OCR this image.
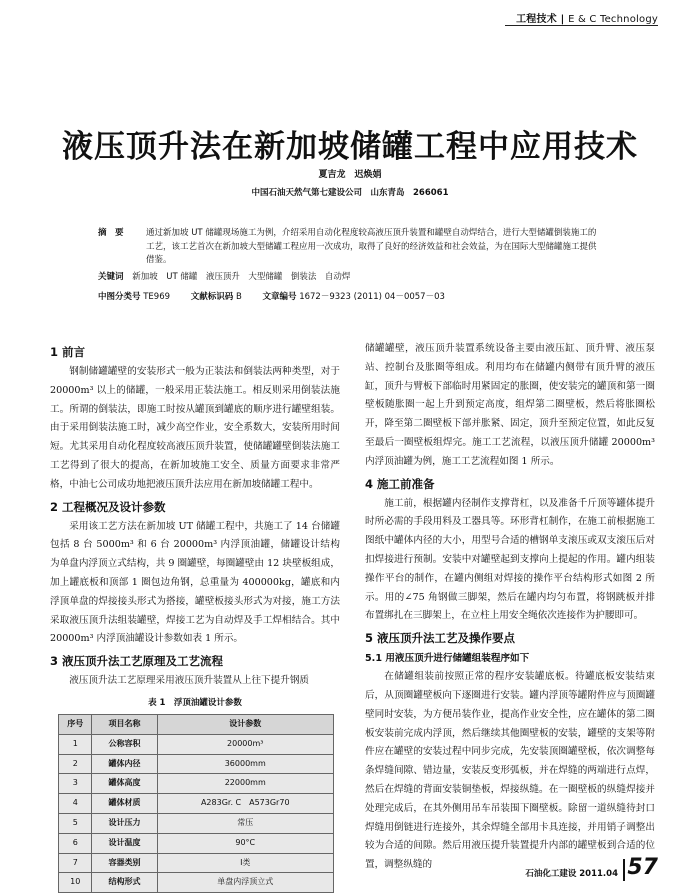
工程技术 | E & C Technology
液压顶升法在新加坡储罐工程中应用技术
夏吉龙　迟焕娟
中国石油天然气第七建设公司　山东青岛　266061
摘　要	通过新加坡 UT 储罐现场施工为例，介绍采用自动化程度较高液压顶升装置和罐壁自动焊结合，进行大型储罐倒装施工的工艺，该工艺首次在新加坡大型储罐工程应用一次成功，取得了良好的经济效益和社会效益，为在国际大型储罐施工提供借鉴。
关键词 新加坡　UT 储罐　液压顶升　大型储罐　倒装法　自动焊
中图分类号 TE969 文献标识码 B 文章编号 1672－9323 (2011) 04－0057－03
1 前言

钢制储罐罐壁的安装形式一般为正装法和倒装法两种类型，对于 20000m³ 以上的储罐，一般采用正装法施工。相反则采用倒装法施工。所谓的倒装法，即施工时按从罐顶到罐底的顺序进行罐壁组装。由于采用倒装法施工时，减少高空作业，安全系数大，安装所用时间短。尤其采用自动化程度较高液压顶升装置，使储罐罐壁倒装法施工工艺得到了很大的提高，在新加坡施工安全、质量方面要求非常严格，中油七公司成功地把液压顶升法应用在新加坡储罐工程中。

2 工程概况及设计参数

采用该工艺方法在新加坡 UT 储罐工程中，共施工了 14 台储罐包括 8 台 5000m³ 和 6 台 20000m³ 内浮顶油罐，储罐设计结构为单盘内浮顶立式结构，共 9 圈罐壁，每圈罐壁由 12 块壁板组成，加上罐底板和顶部 1 圈包边角钢，总重量为 400000kg，罐底和内浮顶单盘的焊接接头形式为搭接，罐壁板接头形式为对接，施工方法采取液压顶升法组装罐壁，焊接工艺为自动焊及手工焊相结合。其中 20000m³ 内浮顶油罐设计参数如表 1 所示。

3 液压顶升法工艺原理及工艺流程

液压顶升法工艺原理采用液压顶升装置从上往下提升钢质

表 1　浮顶油罐设计参数
序号	项目名称	设计参数
1	公称容积	20000m³
2	罐体内径	36000mm
3	罐体高度	22000mm
4	罐体材质	A283Gr. C　A573Gr70
5	设计压力	常压
6	设计温度	90°C
7	容器类别	Ⅰ类
10	结构形式	单盘内浮顶立式

储罐罐壁，液压顶升装置系统设备主要由液压缸、顶升臂、液压泵站、控制台及胀圈等组成。利用均布在储罐内侧带有顶升臂的液压缸，顶升与臂板下部临时用紧固定的胀圈，使安装完的罐顶和第一圈壁板随胀圈一起上升到预定高度，组焊第二圈壁板，然后将胀圈松开，降至第二圈壁板下部并胀紧、固定，顶升至预定位置，如此反复至最后一圈壁板组焊完。施工工艺流程，以液压顶升储罐 20000m³ 内浮顶油罐为例，施工工艺流程如图 1 所示。

4 施工前准备

施工前，根据罐内径制作支撑背杠，以及准备千斤顶等罐体提升时所必需的手段用料及工器具等。环形背杠制作，在施工前根据施工图纸中罐体内径的大小，用型号合适的槽钢单支滚压或双支滚压后对扣焊接进行预制。安装中对罐壁起到支撑向上提起的作用。罐内组装操作平台的制作，在罐内侧组对焊接的操作平台结构形式如图 2 所示。用的∠75 角钢做三脚架，然后在罐内均匀布置，将钢跳板并排布置绑扎在三脚架上，在立柱上用安全绳依次连接作为护腰即可。

5 液压顶升法工艺及操作要点
5.1 用液压顶升进行储罐组装程序如下

在储罐组装前按照正常的程序安装罐底板。待罐底板安装结束后，从顶圈罐壁板向下逐圈进行安装。罐内浮顶等罐附件应与顶圈罐壁同时安装，为方便吊装作业，提高作业安全性，应在罐体的第二圈板安装前完成内浮顶，然后继续其他圈壁板的安装，罐壁的支架等附件应在罐壁的安装过程中同步完成，先安装顶圈罐壁板，依次调整每条焊缝间隙、错边量，安装反变形弧板，并在焊缝的两端进行点焊，然后在焊缝的背面安装铜垫板，焊接纵缝。在一圈壁板的纵缝焊接并处理完成后，在其外侧用吊车吊装围下圈壁板。除留一道纵缝待封口焊缝用倒链进行连接外，其余焊缝全部用卡具连接，并用销子调整出较为合适的间隙。然后用液压提升装置提升内部的罐壁板到合适的位置，调整纵缝的

石油化工建设 2011.04 57
